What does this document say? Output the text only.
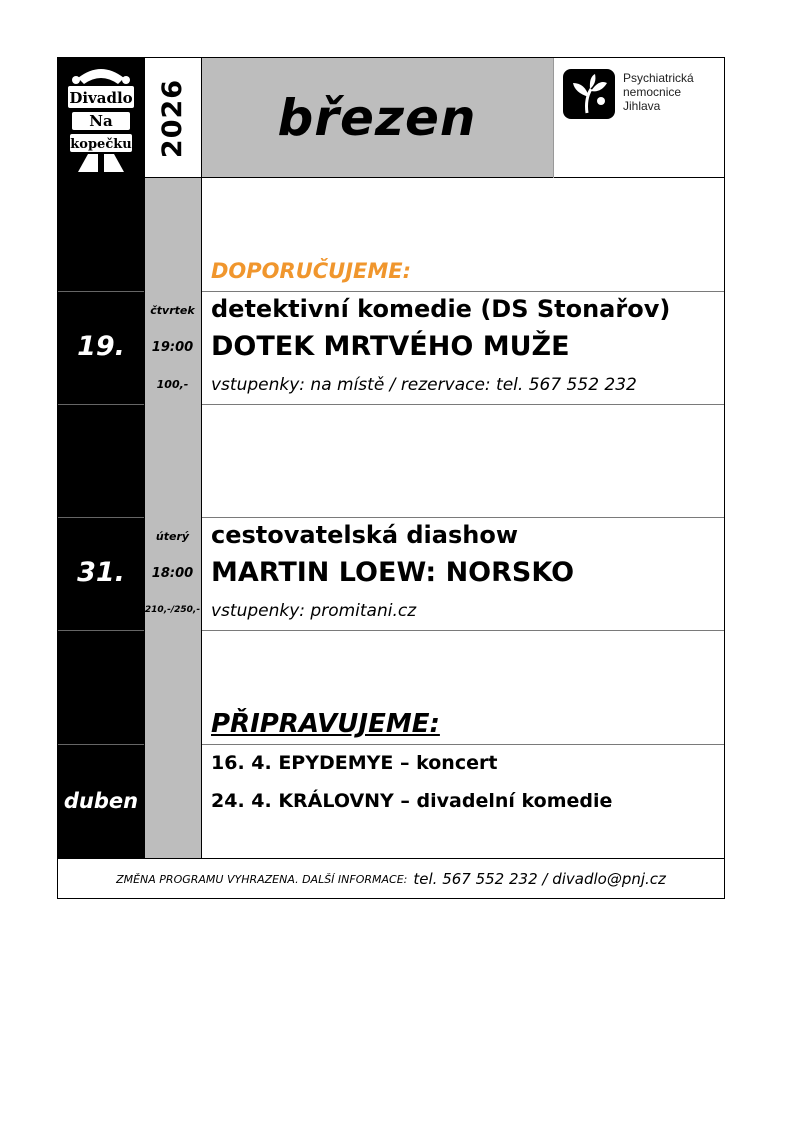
Divadlo
Na
kopečku 2026 březen
Psychiatrická
nemocnice
Jihlava
DOPORUČUJEME:
19.
čtvrtek
19:00
100,-
detektivní komedie (DS Stonařov)
DOTEK MRTVÉHO MUŽE
vstupenky: na místě / rezervace: tel. 567 552 232
31.
úterý
18:00
210,-/250,-
cestovatelská diashow
MARTIN LOEW: NORSKO
vstupenky: promitani.cz
PŘIPRAVUJEME:
duben
16. 4. EPYDEMYE – koncert
24. 4. KRÁLOVNY – divadelní komedie
ZMĚNA PROGRAMU VYHRAZENA. DALŠÍ INFORMACE: tel. 567 552 232 / divadlo@pnj.cz
